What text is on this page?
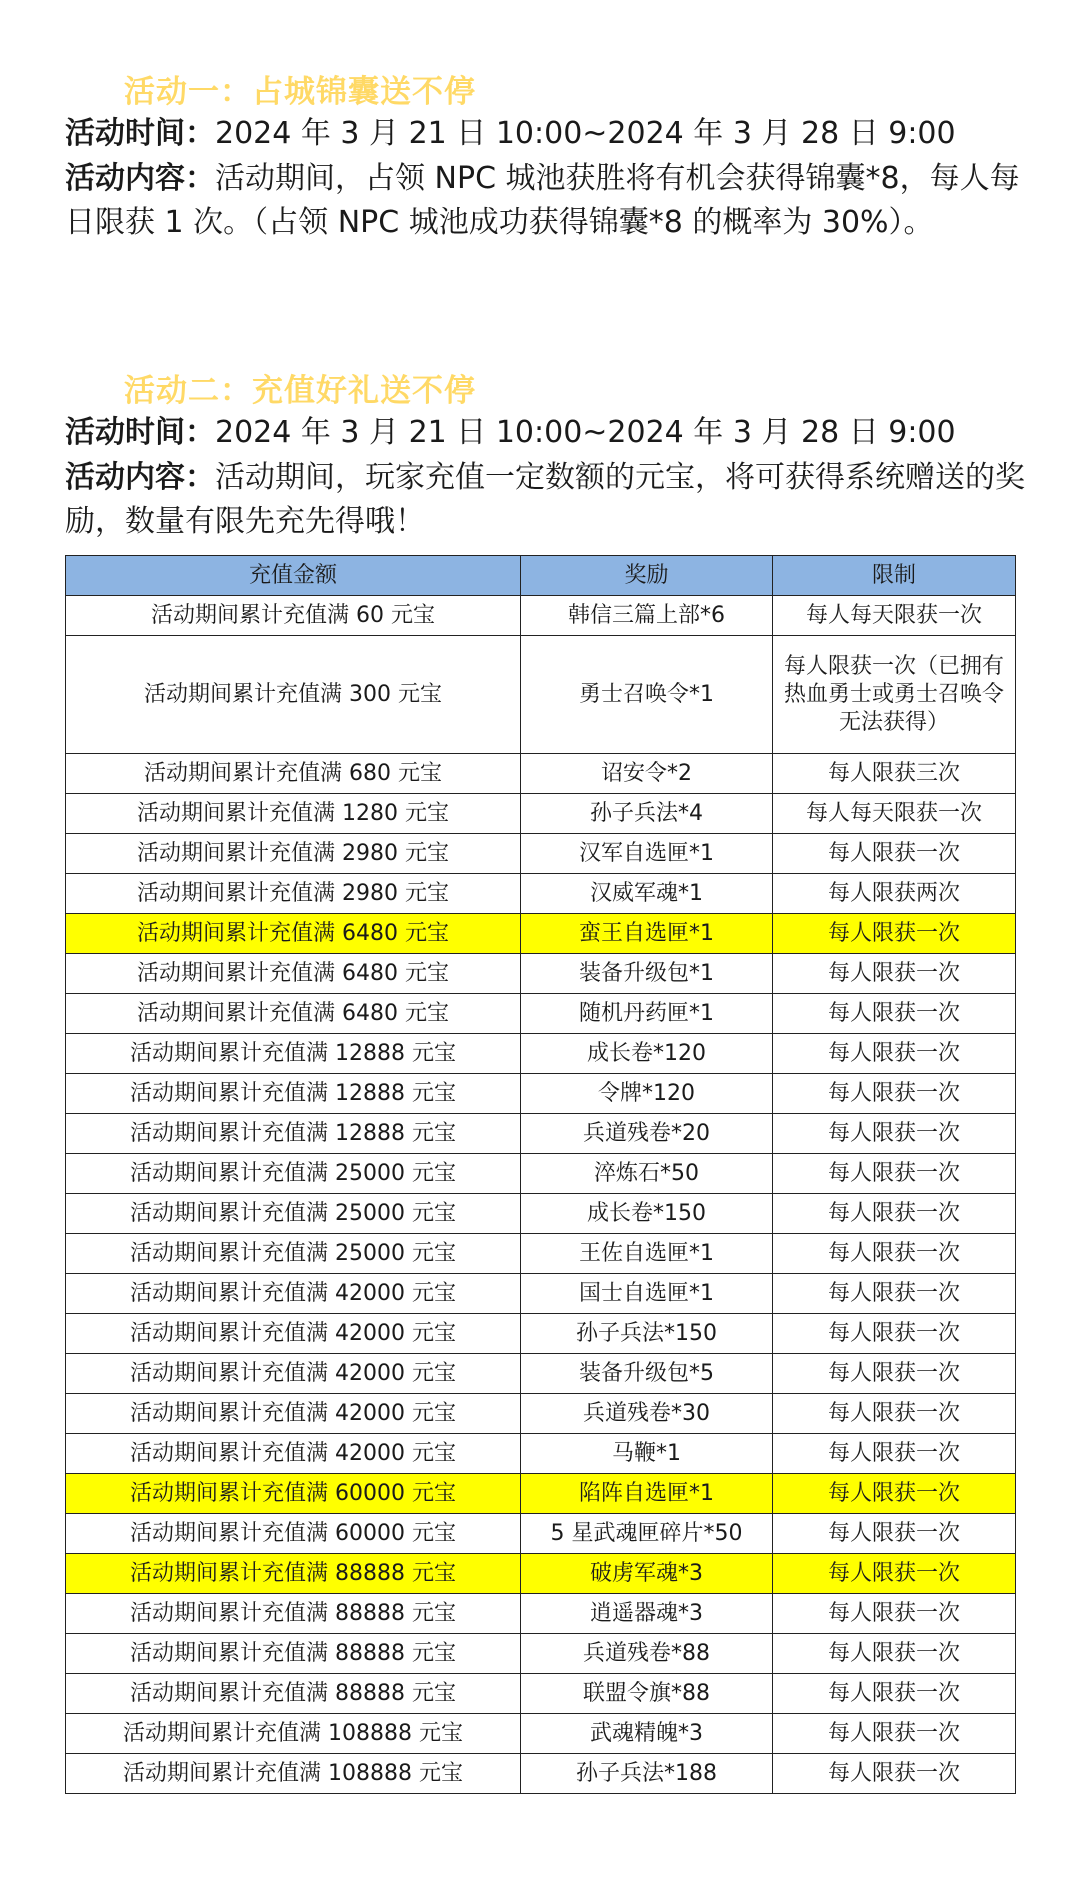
活动一：占城锦囊送不停
活动时间：2024 年 3 月 21 日 10:00~2024 年 3 月 28 日 9:00
活动内容：活动期间，占领 NPC 城池获胜将有机会获得锦囊*8，每人每日限获 1 次。（占领 NPC 城池成功获得锦囊*8 的概率为 30%）。
活动二：充值好礼送不停
活动时间：2024 年 3 月 21 日 10:00~2024 年 3 月 28 日 9:00
活动内容：活动期间，玩家充值一定数额的元宝，将可获得系统赠送的奖励，数量有限先充先得哦！
充值金额	奖励	限制
活动期间累计充值满 60 元宝	韩信三篇上部*6	每人每天限获一次
活动期间累计充值满 300 元宝	勇士召唤令*1	每人限获一次（已拥有热血勇士或勇士召唤令无法获得）
活动期间累计充值满 680 元宝	诏安令*2	每人限获三次
活动期间累计充值满 1280 元宝	孙子兵法*4	每人每天限获一次
活动期间累计充值满 2980 元宝	汉军自选匣*1	每人限获一次
活动期间累计充值满 2980 元宝	汉威军魂*1	每人限获两次
活动期间累计充值满 6480 元宝	蛮王自选匣*1	每人限获一次
活动期间累计充值满 6480 元宝	装备升级包*1	每人限获一次
活动期间累计充值满 6480 元宝	随机丹药匣*1	每人限获一次
活动期间累计充值满 12888 元宝	成长卷*120	每人限获一次
活动期间累计充值满 12888 元宝	令牌*120	每人限获一次
活动期间累计充值满 12888 元宝	兵道残卷*20	每人限获一次
活动期间累计充值满 25000 元宝	淬炼石*50	每人限获一次
活动期间累计充值满 25000 元宝	成长卷*150	每人限获一次
活动期间累计充值满 25000 元宝	王佐自选匣*1	每人限获一次
活动期间累计充值满 42000 元宝	国士自选匣*1	每人限获一次
活动期间累计充值满 42000 元宝	孙子兵法*150	每人限获一次
活动期间累计充值满 42000 元宝	装备升级包*5	每人限获一次
活动期间累计充值满 42000 元宝	兵道残卷*30	每人限获一次
活动期间累计充值满 42000 元宝	马鞭*1	每人限获一次
活动期间累计充值满 60000 元宝	陷阵自选匣*1	每人限获一次
活动期间累计充值满 60000 元宝	5 星武魂匣碎片*50	每人限获一次
活动期间累计充值满 88888 元宝	破虏军魂*3	每人限获一次
活动期间累计充值满 88888 元宝	逍遥器魂*3	每人限获一次
活动期间累计充值满 88888 元宝	兵道残卷*88	每人限获一次
活动期间累计充值满 88888 元宝	联盟令旗*88	每人限获一次
活动期间累计充值满 108888 元宝	武魂精魄*3	每人限获一次
活动期间累计充值满 108888 元宝	孙子兵法*188	每人限获一次
